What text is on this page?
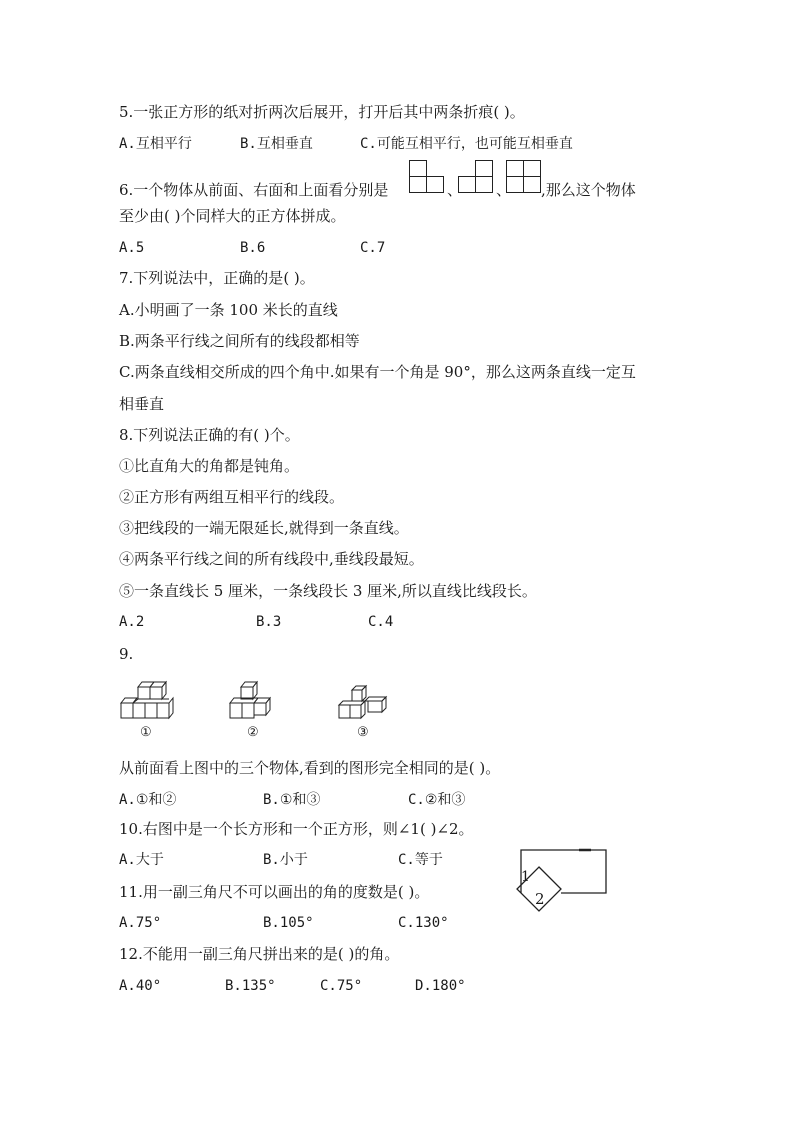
5.一张正方形的纸对折两次后展开，打开后其中两条折痕( )。
A.互相平行	B.互相垂直	C.可能互相平行，也可能互相垂直
6.一个物体从前面、右面和上面看分别是	、 、 ,那么这个物体
至少由( )个同样大的正方体拼成。
A.5	B.6	C.7
7.下列说法中，正确的是( )。
A.小明画了一条 100 米长的直线
B.两条平行线之间所有的线段都相等
C.两条直线相交所成的四个角中.如果有一个角是 90°，那么这两条直线一定互
相垂直
8.下列说法正确的有( )个。
①比直角大的角都是钝角。
②正方形有两组互相平行的线段。
③把线段的一端无限延长,就得到一条直线。
④两条平行线之间的所有线段中,垂线段最短。
⑤一条直线长 5 厘米，一条线段长 3 厘米,所以直线比线段长。
A.2	B.3	C.4
9.
①	②	③
从前面看上图中的三个物体,看到的图形完全相同的是( )。
A.①和②	B.①和③	C.②和③
10.右图中是一个长方形和一个正方形，则∠1( )∠2。
A.大于	B.小于	C.等于
1
2
11.用一副三角尺不可以画出的角的度数是( )。
A.75°	B.105°	C.130°
12.不能用一副三角尺拼出来的是( )的角。
A.40°	B.135°	C.75°	D.180°
